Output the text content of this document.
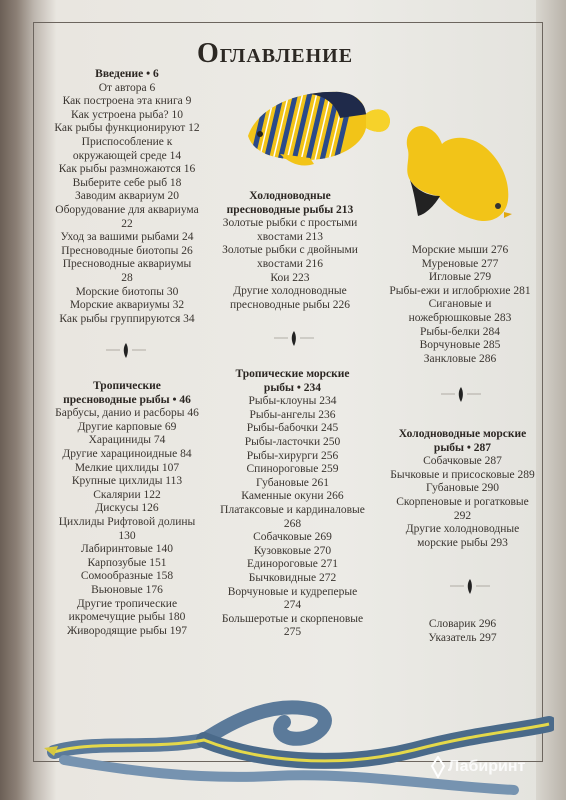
Оглавление
Введение • 6
От автора 6
Как построена эта книга 9
Как устроена рыба? 10
Как рыбы функционируют 12
Приспособление к
окружающей среде 14
Как рыбы размножаются 16
Выберите себе рыб 18
Заводим аквариум 20
Оборудование для аквариума
22
Уход за вашими рыбами 24
Пресноводные биотопы 26
Пресноводные аквариумы
28
Морские биотопы 30
Морские аквариумы 32
Как рыбы группируются 34
Тропические
пресноводные рыбы • 46
Барбусы, данио и расборы 46
Другие карповые 69
Харациниды 74
Другие харацинoидные 84
Мелкие цихлиды 107
Крупные цихлиды 113
Скалярии 122
Дискусы 126
Цихлиды Рифтовой долины
130
Лабиринтовые 140
Карпозубые 151
Сомообразные 158
Вьюновые 176
Другие тропические
икромечущие рыбы 180
Живородящие рыбы 197
Холодноводные
пресноводные рыбы 213
Золотые рыбки с простыми
хвостами 213
Золотые рыбки с двойными
хвостами 216
Кои 223
Другие холодноводные
пресноводные рыбы 226
Тропические морские
рыбы • 234
Рыбы-клоуны 234
Рыбы-ангелы 236
Рыбы-бабочки 245
Рыбы-ласточки 250
Рыбы-хирурги 256
Спинороговые 259
Губановые 261
Каменные окуни 266
Платаксовые и кардиналовые
268
Собачковые 269
Кузовковые 270
Единороговые 271
Бычковидные 272
Ворчуновые и кудреперые
274
Большеротые и скорпеновые
275
Морские мыши 276
Муреновые 277
Игловые 279
Рыбы-ежи и иглобрюхие 281
Сигановые и
ножебрюшковые 283
Рыбы-белки 284
Ворчуновые 285
Занкловые 286
Холодноводные морские
рыбы • 287
Собачковые 287
Бычковые и присосковые 289
Губановые 290
Скорпеновые и рогатковые
292
Другие холодноводные
морские рыбы 293
Словарик 296
Указатель 297
Лабиринт
